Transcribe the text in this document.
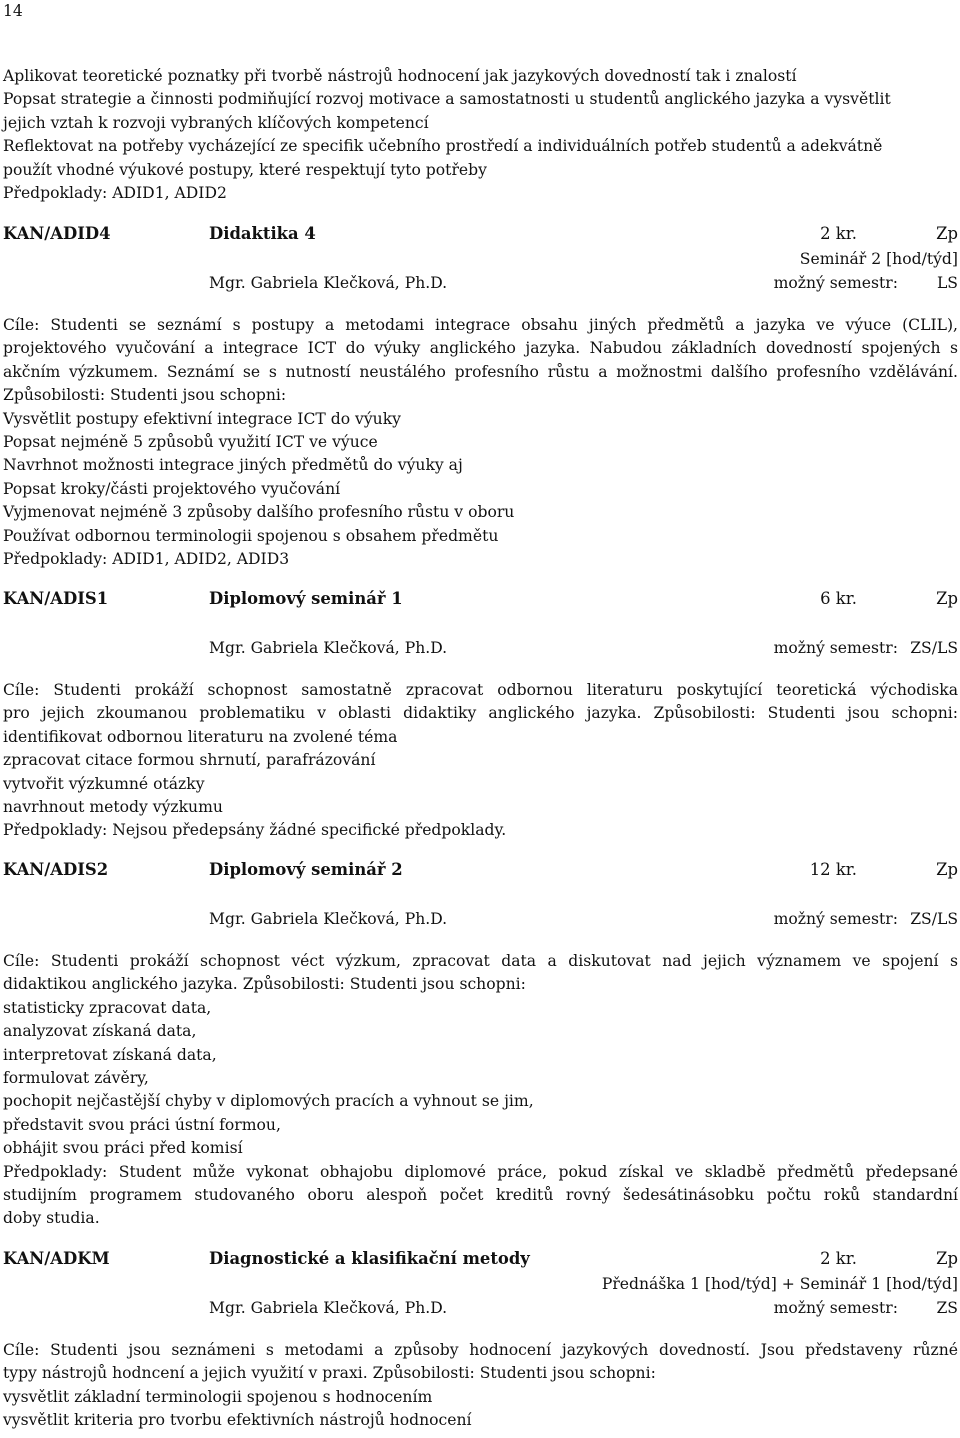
14
Aplikovat teoretické poznatky při tvorbě nástrojů hodnocení jak jazykových dovedností tak i znalostí
Popsat strategie a činnosti podmiňující rozvoj motivace a samostatnosti u studentů anglického jazyka a vysvětlit
jejich vztah k rozvoji vybraných klíčových kompetencí
Reflektovat na potřeby vycházející ze specifik učebního prostředí a individuálních potřeb studentů a adekvátně
použít vhodné výukové postupy, které respektují tyto potřeby
Předpoklady: ADID1, ADID2
KAN/ADID4	Didaktika 4	2 kr.	Zp
Seminář 2 [hod/týd]
Mgr. Gabriela Klečková, Ph.D.	možný semestr: LS
Cíle: Studenti se seznámí s postupy a metodami integrace obsahu jiných předmětů a jazyka ve výuce (CLIL),
projektového vyučování a integrace ICT do výuky anglického jazyka. Nabudou základních dovedností spojených s
akčním výzkumem. Seznámí se s nutností neustálého profesního růstu a možnostmi dalšího profesního vzdělávání.
Způsobilosti: Studenti jsou schopni:
Vysvětlit postupy efektivní integrace ICT do výuky
Popsat nejméně 5 způsobů využití ICT ve výuce
Navrhnot možnosti integrace jiných předmětů do výuky aj
Popsat kroky/části projektového vyučování
Vyjmenovat nejméně 3 způsoby dalšího profesního růstu v oboru
Používat odbornou terminologii spojenou s obsahem předmětu
Předpoklady: ADID1, ADID2, ADID3
KAN/ADIS1	Diplomový seminář 1	6 kr.	Zp
Mgr. Gabriela Klečková, Ph.D.	možný semestr: ZS/LS
Cíle: Studenti prokáží schopnost samostatně zpracovat odbornou literaturu poskytující teoretická východiska
pro jejich zkoumanou problematiku v oblasti didaktiky anglického jazyka. Způsobilosti: Studenti jsou schopni:
identifikovat odbornou literaturu na zvolené téma
zpracovat citace formou shrnutí, parafrázování
vytvořit výzkumné otázky
navrhnout metody výzkumu
Předpoklady: Nejsou předepsány žádné specifické předpoklady.
KAN/ADIS2	Diplomový seminář 2	12 kr.	Zp
Mgr. Gabriela Klečková, Ph.D.	možný semestr: ZS/LS
Cíle: Studenti prokáží schopnost véct výzkum, zpracovat data a diskutovat nad jejich významem ve spojení s
didaktikou anglického jazyka. Způsobilosti: Studenti jsou schopni:
statisticky zpracovat data,
analyzovat získaná data,
interpretovat získaná data,
formulovat závěry,
pochopit nejčastější chyby v diplomových pracích a vyhnout se jim,
představit svou práci ústní formou,
obhájit svou práci před komisí
Předpoklady: Student může vykonat obhajobu diplomové práce, pokud získal ve skladbě předmětů předepsané
studijním programem studovaného oboru alespoň počet kreditů rovný šedesátinásobku počtu roků standardní
doby studia.
KAN/ADKM	Diagnostické a klasifikační metody	2 kr.	Zp
Přednáška 1 [hod/týd] + Seminář 1 [hod/týd]
Mgr. Gabriela Klečková, Ph.D.	možný semestr: ZS
Cíle: Studenti jsou seznámeni s metodami a způsoby hodnocení jazykových dovedností. Jsou představeny různé
typy nástrojů hodncení a jejich využití v praxi. Způsobilosti: Studenti jsou schopni:
vysvětlit základní terminologii spojenou s hodnocením
vysvětlit kriteria pro tvorbu efektivních nástrojů hodnocení
